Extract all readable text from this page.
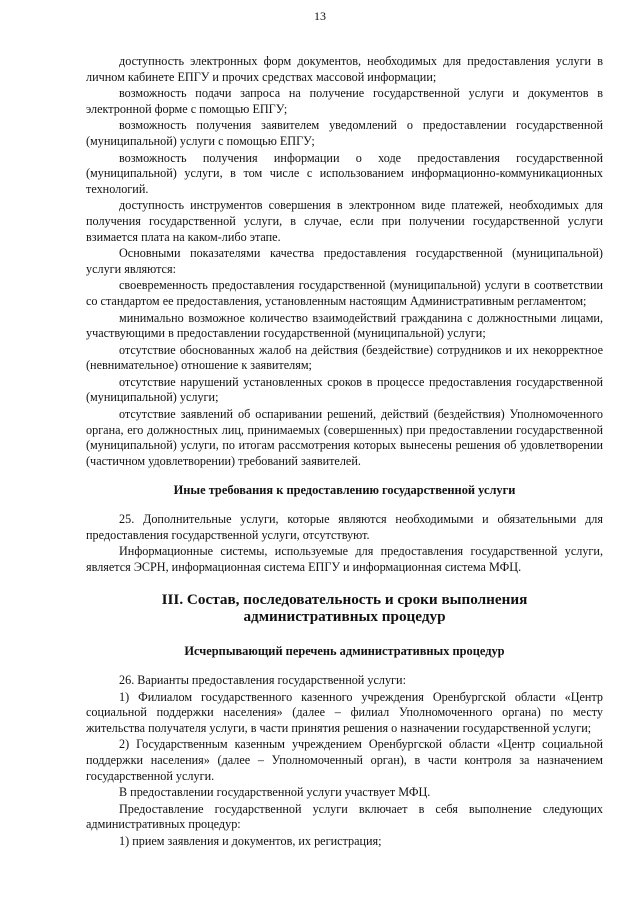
13

доступность электронных форм документов, необходимых для предоставления услуги в личном кабинете ЕПГУ и прочих средствах массовой информации;

возможность подачи запроса на получение государственной услуги и документов в электронной форме с помощью ЕПГУ;

возможность получения заявителем уведомлений о предоставлении государственной (муниципальной) услуги с помощью ЕПГУ;

возможность получения информации о ходе предоставления государственной (муниципальной) услуги, в том числе с использованием информационно-коммуникационных технологий.

доступность инструментов совершения в электронном виде платежей, необходимых для получения государственной услуги, в случае, если при получении государственной услуги взимается плата на каком-либо этапе.

Основными показателями качества предоставления государственной (муниципальной) услуги являются:

своевременность предоставления государственной (муниципальной) услуги в соответствии со стандартом ее предоставления, установленным настоящим Административным регламентом;

минимально возможное количество взаимодействий гражданина с должностными лицами, участвующими в предоставлении государственной (муниципальной) услуги;

отсутствие обоснованных жалоб на действия (бездействие) сотрудников и их некорректное (невнимательное) отношение к заявителям;

отсутствие нарушений установленных сроков в процессе предоставления государственной (муниципальной) услуги;

отсутствие заявлений об оспаривании решений, действий (бездействия) Уполномоченного органа, его должностных лиц, принимаемых (совершенных) при предоставлении государственной (муниципальной) услуги, по итогам рассмотрения которых вынесены решения об удовлетворении (частичном удовлетворении) требований заявителей.

Иные требования к предоставлению государственной услуги

25. Дополнительные услуги, которые являются необходимыми и обязательными для предоставления государственной услуги, отсутствуют.

Информационные системы, используемые для предоставления государственной услуги, является ЭСРН, информационная система ЕПГУ и информационная система МФЦ.

III. Состав, последовательность и сроки выполнения
административных процедур
Исчерпывающий перечень административных процедур

26. Варианты предоставления государственной услуги:

1) Филиалом государственного казенного учреждения Оренбургской области «Центр социальной поддержки населения» (далее – филиал Уполномоченного органа) по месту жительства получателя услуги, в части принятия решения о назначении государственной услуги;

2) Государственным казенным учреждением Оренбургской области «Центр социальной поддержки населения» (далее – Уполномоченный орган), в части контроля за назначением государственной услуги.

В предоставлении государственной услуги участвует МФЦ.

Предоставление государственной услуги включает в себя выполнение следующих административных процедур:

1) прием заявления и документов, их регистрация;
